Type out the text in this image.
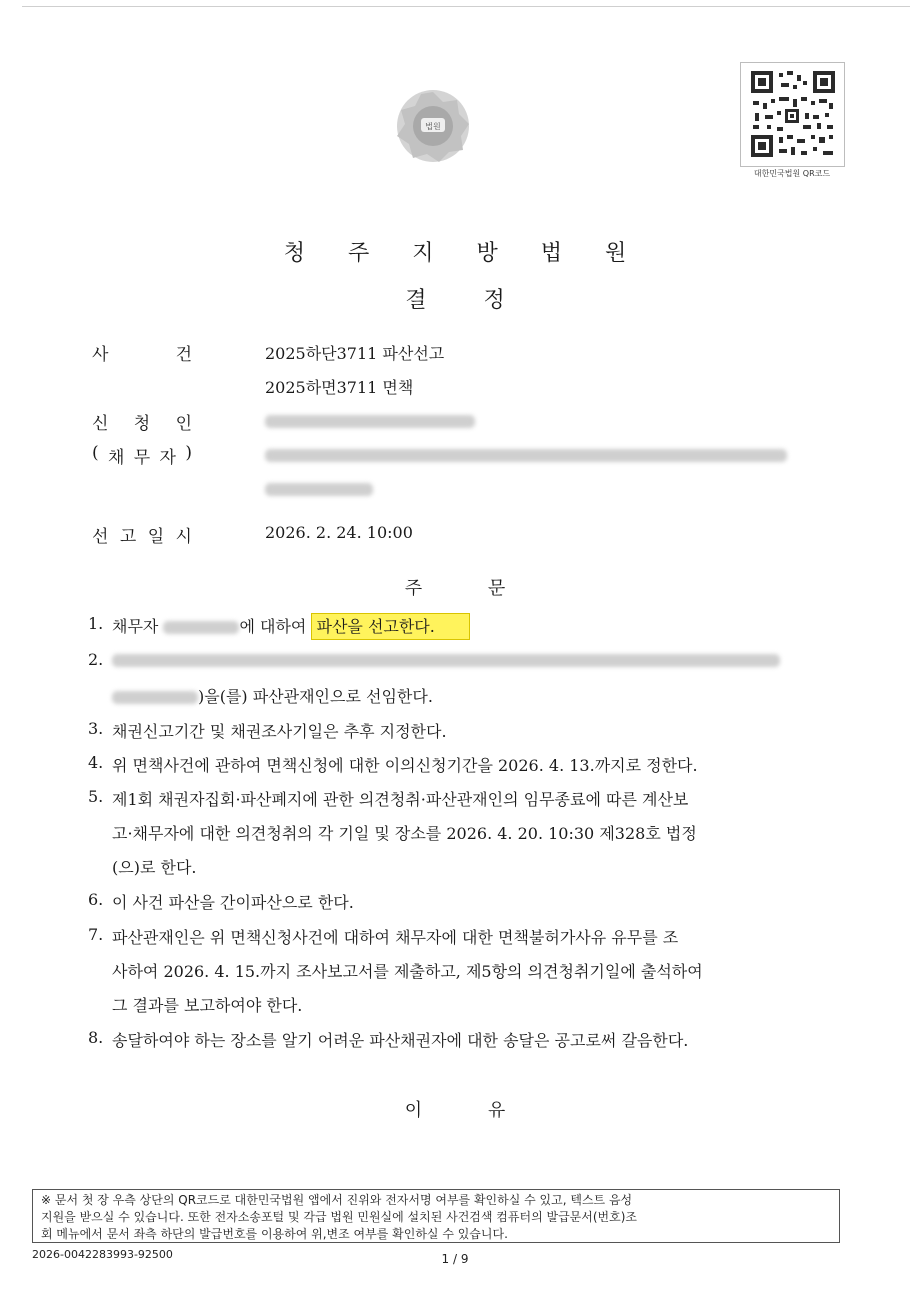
법원
대한민국법원 QR코드
청 주 지 방 법 원
결 정
사	건	2025하단3711 파산선고
2025하면3711 면책
신 청 인
( 채 무 자 )
선 고 일 시	2026. 2. 24. 10:00
주 문
1. 채무자	에 대하여 파산을 선고한다.
2.
)을(를) 파산관재인으로 선임한다.
3. 채권신고기간 및 채권조사기일은 추후 지정한다.
4. 위 면책사건에 관하여 면책신청에 대한 이의신청기간을 2026. 4. 13.까지로 정한다.
5. 제1회 채권자집회·파산폐지에 관한 의견청취·파산관재인의 임무종료에 따른 계산보
고·채무자에 대한 의견청취의 각 기일 및 장소를 2026. 4. 20. 10:30 제328호 법정
(으)로 한다.
6. 이 사건 파산을 간이파산으로 한다.
7. 파산관재인은 위 면책신청사건에 대하여 채무자에 대한 면책불허가사유 유무를 조
사하여 2026. 4. 15.까지 조사보고서를 제출하고, 제5항의 의견청취기일에 출석하여
그 결과를 보고하여야 한다.
8. 송달하여야 하는 장소를 알기 어려운 파산채권자에 대한 송달은 공고로써 갈음한다.
이 유
※ 문서 첫 장 우측 상단의 QR코드로 대한민국법원 앱에서 진위와 전자서명 여부를 확인하실 수 있고, 텍스트 음성
지원을 받으실 수 있습니다. 또한 전자소송포털 및 각급 법원 민원실에 설치된 사건검색 컴퓨터의 발급문서(번호)조
회 메뉴에서 문서 좌측 하단의 발급번호를 이용하여 위,변조 여부를 확인하실 수 있습니다.
2026-0042283993-92500	1 / 9
